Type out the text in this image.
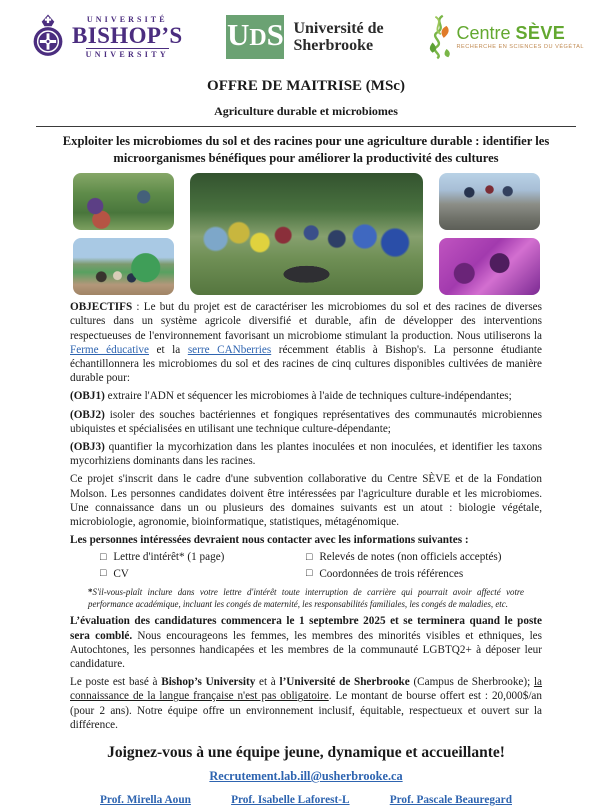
UNIVERSITÉ
BISHOP’S
UNIVERSITY
U D S Université de
Sherbrooke
Centre SÈVE
RECHERCHE EN SCIENCES DU VÉGÉTAL
OFFRE DE MAITRISE (MSc)
Agriculture durable et microbiomes
Exploiter les microbiomes du sol et des racines pour une agriculture durable : identifier les microorganismes bénéfiques pour améliorer la productivité des cultures

OBJECTIFS : Le but du projet est de caractériser les microbiomes du sol et des racines de diverses cultures dans un système agricole diversifié et durable, afin de développer des interventions respectueuses de l'environnement favorisant un microbiome stimulant la production. Nous utiliserons la Ferme éducative et la serre CANberries récemment établis à Bishop's. La personne étudiante échantillonnera les microbiomes du sol et des racines de cinq cultures disponibles cultivées de manière durable pour:

(OBJ1) extraire l'ADN et séquencer les microbiomes à l'aide de techniques culture-indépendantes;

(OBJ2) isoler des souches bactériennes et fongiques représentatives des communautés microbiennes ubiquistes et spécialisées en utilisant une technique culture-dépendante;

(OBJ3) quantifier la mycorhization dans les plantes inoculées et non inoculées, et identifier les taxons mycorhiziens dominants dans les racines.

Ce projet s'inscrit dans le cadre d'une subvention collaborative du Centre SÈVE et de la Fondation Molson. Les personnes candidates doivent être intéressées par l'agriculture durable et les microbiomes. Une connaissance dans un ou plusieurs des domaines suivants est un atout : biologie végétale, microbiologie, agronomie, bioinformatique, statistiques, métagénomique.

Les personnes intéressées devraient nous contacter avec les informations suivantes :

□ Lettre d'intérêt* (1 page)
□ CV
□ Relevés de notes (non officiels acceptés)
□ Coordonnées de trois références

*S'il-vous-plaît inclure dans votre lettre d'intérêt toute interruption de carrière qui pourrait avoir affecté votre performance académique, incluant les congés de maternité, les responsabilités familiales, les congés de maladies, etc.

L’évaluation des candidatures commencera le 1 septembre 2025 et se terminera quand le poste sera comblé. Nous encourageons les femmes, les membres des minorités visibles et ethniques, les Autochtones, les personnes handicapées et les membres de la communauté LGBTQ2+ à déposer leur candidature.

Le poste est basé à Bishop’s University et à l’Université de Sherbrooke (Campus de Sherbrooke); la connaissance de la langue française n'est pas obligatoire. Le montant de bourse offert est : 20,000$/an (pour 2 ans). Notre équipe offre un environnement inclusif, équitable, respectueux et ouvert sur la différence.

Joignez-vous à une équipe jeune, dynamique et accueillante!
Recrutement.lab.ill@usherbrooke.ca
Prof. Mirella Aoun	Prof. Isabelle Laforest-L	Prof. Pascale Beauregard
